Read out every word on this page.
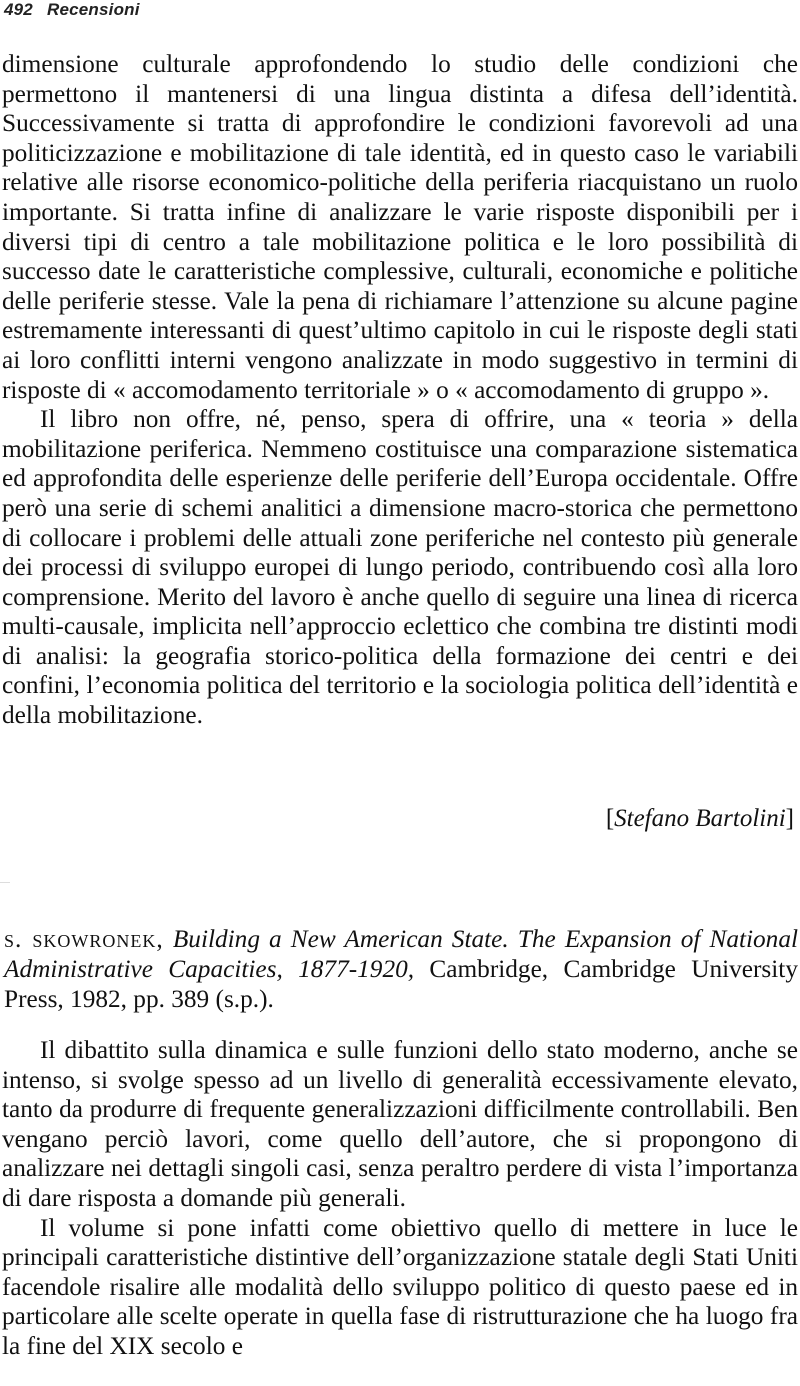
492 Recensioni

dimensione culturale approfondendo lo studio delle condizioni che permettono il mantenersi di una lingua distinta a difesa dell’identità. Successivamente si tratta di approfondire le condizioni favorevoli ad una politicizzazione e mobilitazione di tale identità, ed in questo caso le variabili relative alle risorse economico-politiche della periferia riacquistano un ruolo importante. Si tratta infine di analizzare le varie risposte disponibili per i diversi tipi di centro a tale mobilitazione politica e le loro possibilità di successo date le caratteristiche complessive, culturali, economiche e politiche delle periferie stesse. Vale la pena di richiamare l’attenzione su alcune pagine estremamente interessanti di quest’ultimo capitolo in cui le risposte degli stati ai loro conflitti interni vengono analizzate in modo suggestivo in termini di risposte di « accomodamento territoriale » o « accomodamento di gruppo ».

Il libro non offre, né, penso, spera di offrire, una « teoria » della mobilitazione periferica. Nemmeno costituisce una comparazione sistematica ed approfondita delle esperienze delle periferie dell’Europa occidentale. Offre però una serie di schemi analitici a dimensione macro-storica che permettono di collocare i problemi delle attuali zone periferiche nel contesto più generale dei processi di sviluppo europei di lungo periodo, contribuendo così alla loro comprensione. Merito del lavoro è anche quello di seguire una linea di ricerca multi-causale, implicita nell’approccio eclettico che combina tre distinti modi di analisi: la geografia storico-politica della formazione dei centri e dei confini, l’economia politica del territorio e la sociologia politica dell’identità e della mobilitazione.

[Stefano Bartolini]
s. skowronek, Building a New American State. The Expansion of National Administrative Capacities, 1877-1920, Cambridge, Cambridge University Press, 1982, pp. 389 (s.p.).

Il dibattito sulla dinamica e sulle funzioni dello stato moderno, anche se intenso, si svolge spesso ad un livello di generalità eccessivamente elevato, tanto da produrre di frequente generalizzazioni difficilmente controllabili. Ben vengano perciò lavori, come quello dell’autore, che si propongono di analizzare nei dettagli singoli casi, senza peraltro perdere di vista l’importanza di dare risposta a domande più generali.

Il volume si pone infatti come obiettivo quello di mettere in luce le principali caratteristiche distintive dell’organizzazione statale degli Stati Uniti facendole risalire alle modalità dello sviluppo politico di questo paese ed in particolare alle scelte operate in quella fase di ristrutturazione che ha luogo fra la fine del XIX secolo e
